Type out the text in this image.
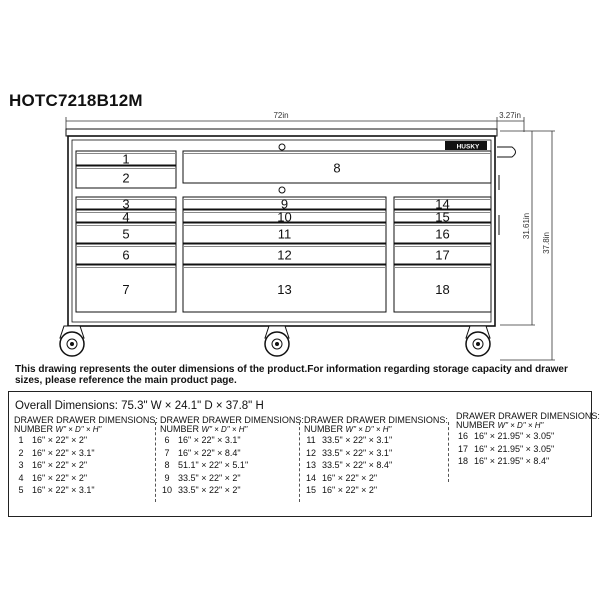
HOTC7218B12M
72in	3.27in
31.61in
37.8in
HUSKY
1
2
8
3
4
5
6
7
9
10
11
12
13
14
15
16
17
18
This drawing represents the outer dimensions of the product.For information regarding storage capacity and drawer sizes, please reference the main product page.
Overall Dimensions: 75.3" W × 24.1" D × 37.8" H
DRAWER DRAWER DIMENSIONS:
NUMBER W" × D" × H"
1 16" × 22" × 2"
2 16" × 22" × 3.1"
3 16" × 22" × 2"
4 16" × 22" × 2"
5 16" × 22" × 3.1"
DRAWER DRAWER DIMENSIONS:
NUMBER W" × D" × H"
6 16" × 22" × 3.1"
7 16" × 22" × 8.4"
8 51.1" × 22" × 5.1"
9 33.5" × 22" × 2"
10 33.5" × 22" × 2"
DRAWER DRAWER DIMENSIONS:
NUMBER W" × D" × H"
11 33.5" × 22" × 3.1"
12 33.5" × 22" × 3.1"
13 33.5" × 22" × 8.4"
14 16" × 22" × 2"
15 16" × 22" × 2"
DRAWER DRAWER DIMENSIONS:
NUMBER W" × D" × H"
16 16" × 21.95" × 3.05"
17 16" × 21.95" × 3.05"
18 16" × 21.95" × 8.4"
